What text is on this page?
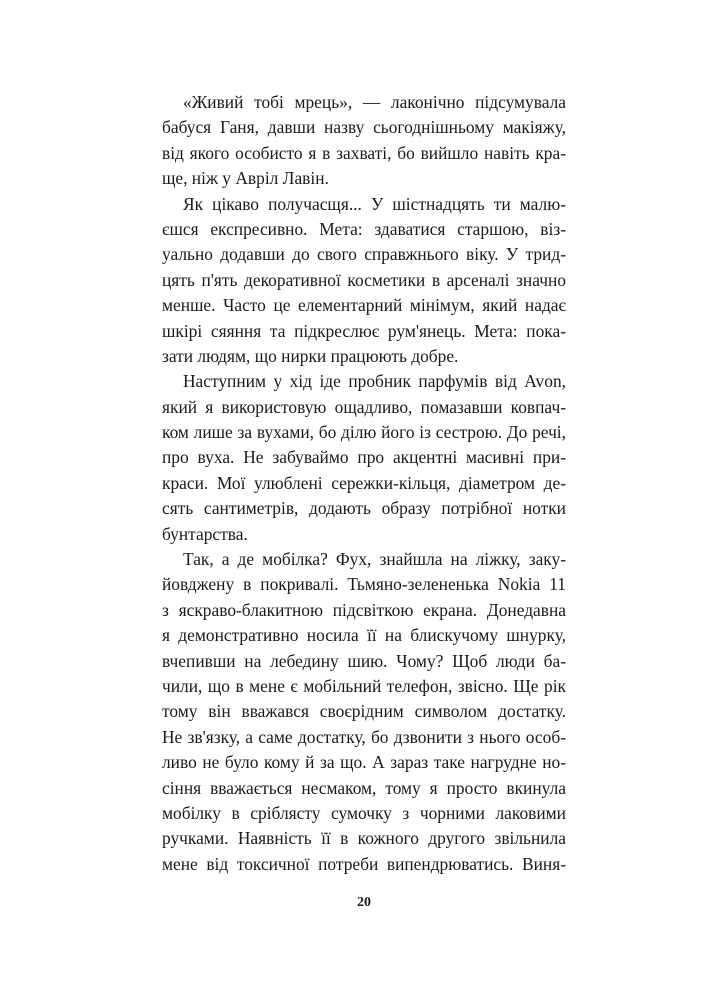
«Живий тобі мрець», — лаконічно підсумувала
бабуся Ганя, давши назву сьогоднішньому макіяжу,
від якого особисто я в захваті, бо вийшло навіть кра-
ще, ніж у Аврiл Лавін.
Як цікаво получасщя... У шістнадцять ти малю-
єшся експресивно. Мета: здаватися старшою, віз-
уально додавши до свого справжнього віку. У трид-
цять п'ять декоративної косметики в арсеналі значно
менше. Часто це елементарний мінімум, який надає
шкірі сяяння та підкреслює рум'янець. Мета: пока-
зати людям, що нирки працюють добре.
Наступним у хід іде пробник парфумів від Avon,
який я використовую ощадливо, помазавши ковпач-
ком лише за вухами, бо ділю його із сестрою. До речі,
про вуха. Не забуваймо про акцентні масивні при-
краси. Мої улюблені сережки-кільця, діаметром де-
сять сантиметрів, додають образу потрібної нотки
бунтарства.
Так, а де мобілка? Фух, знайшла на ліжку, заку-
йовджену в покривалі. Тьмяно-зелененька Nokia 11
з яскраво-блакитною підсвіткою екрана. Донедавна
я демонстративно носила її на блискучому шнурку,
вчепивши на лебедину шию. Чому? Щоб люди ба-
чили, що в мене є мобільний телефон, звісно. Ще рік
тому він вважався своєрідним символом достатку.
Не зв'язку, а саме достатку, бо дзвонити з нього особ-
ливо не було кому й за що. А зараз таке нагрудне но-
сіння вважається несмаком, тому я просто вкинула
мобілку в сріблясту сумочку з чорними лаковими
ручками. Наявність її в кожного другого звільнила
мене від токсичної потреби випендрюватись. Виня-
20
